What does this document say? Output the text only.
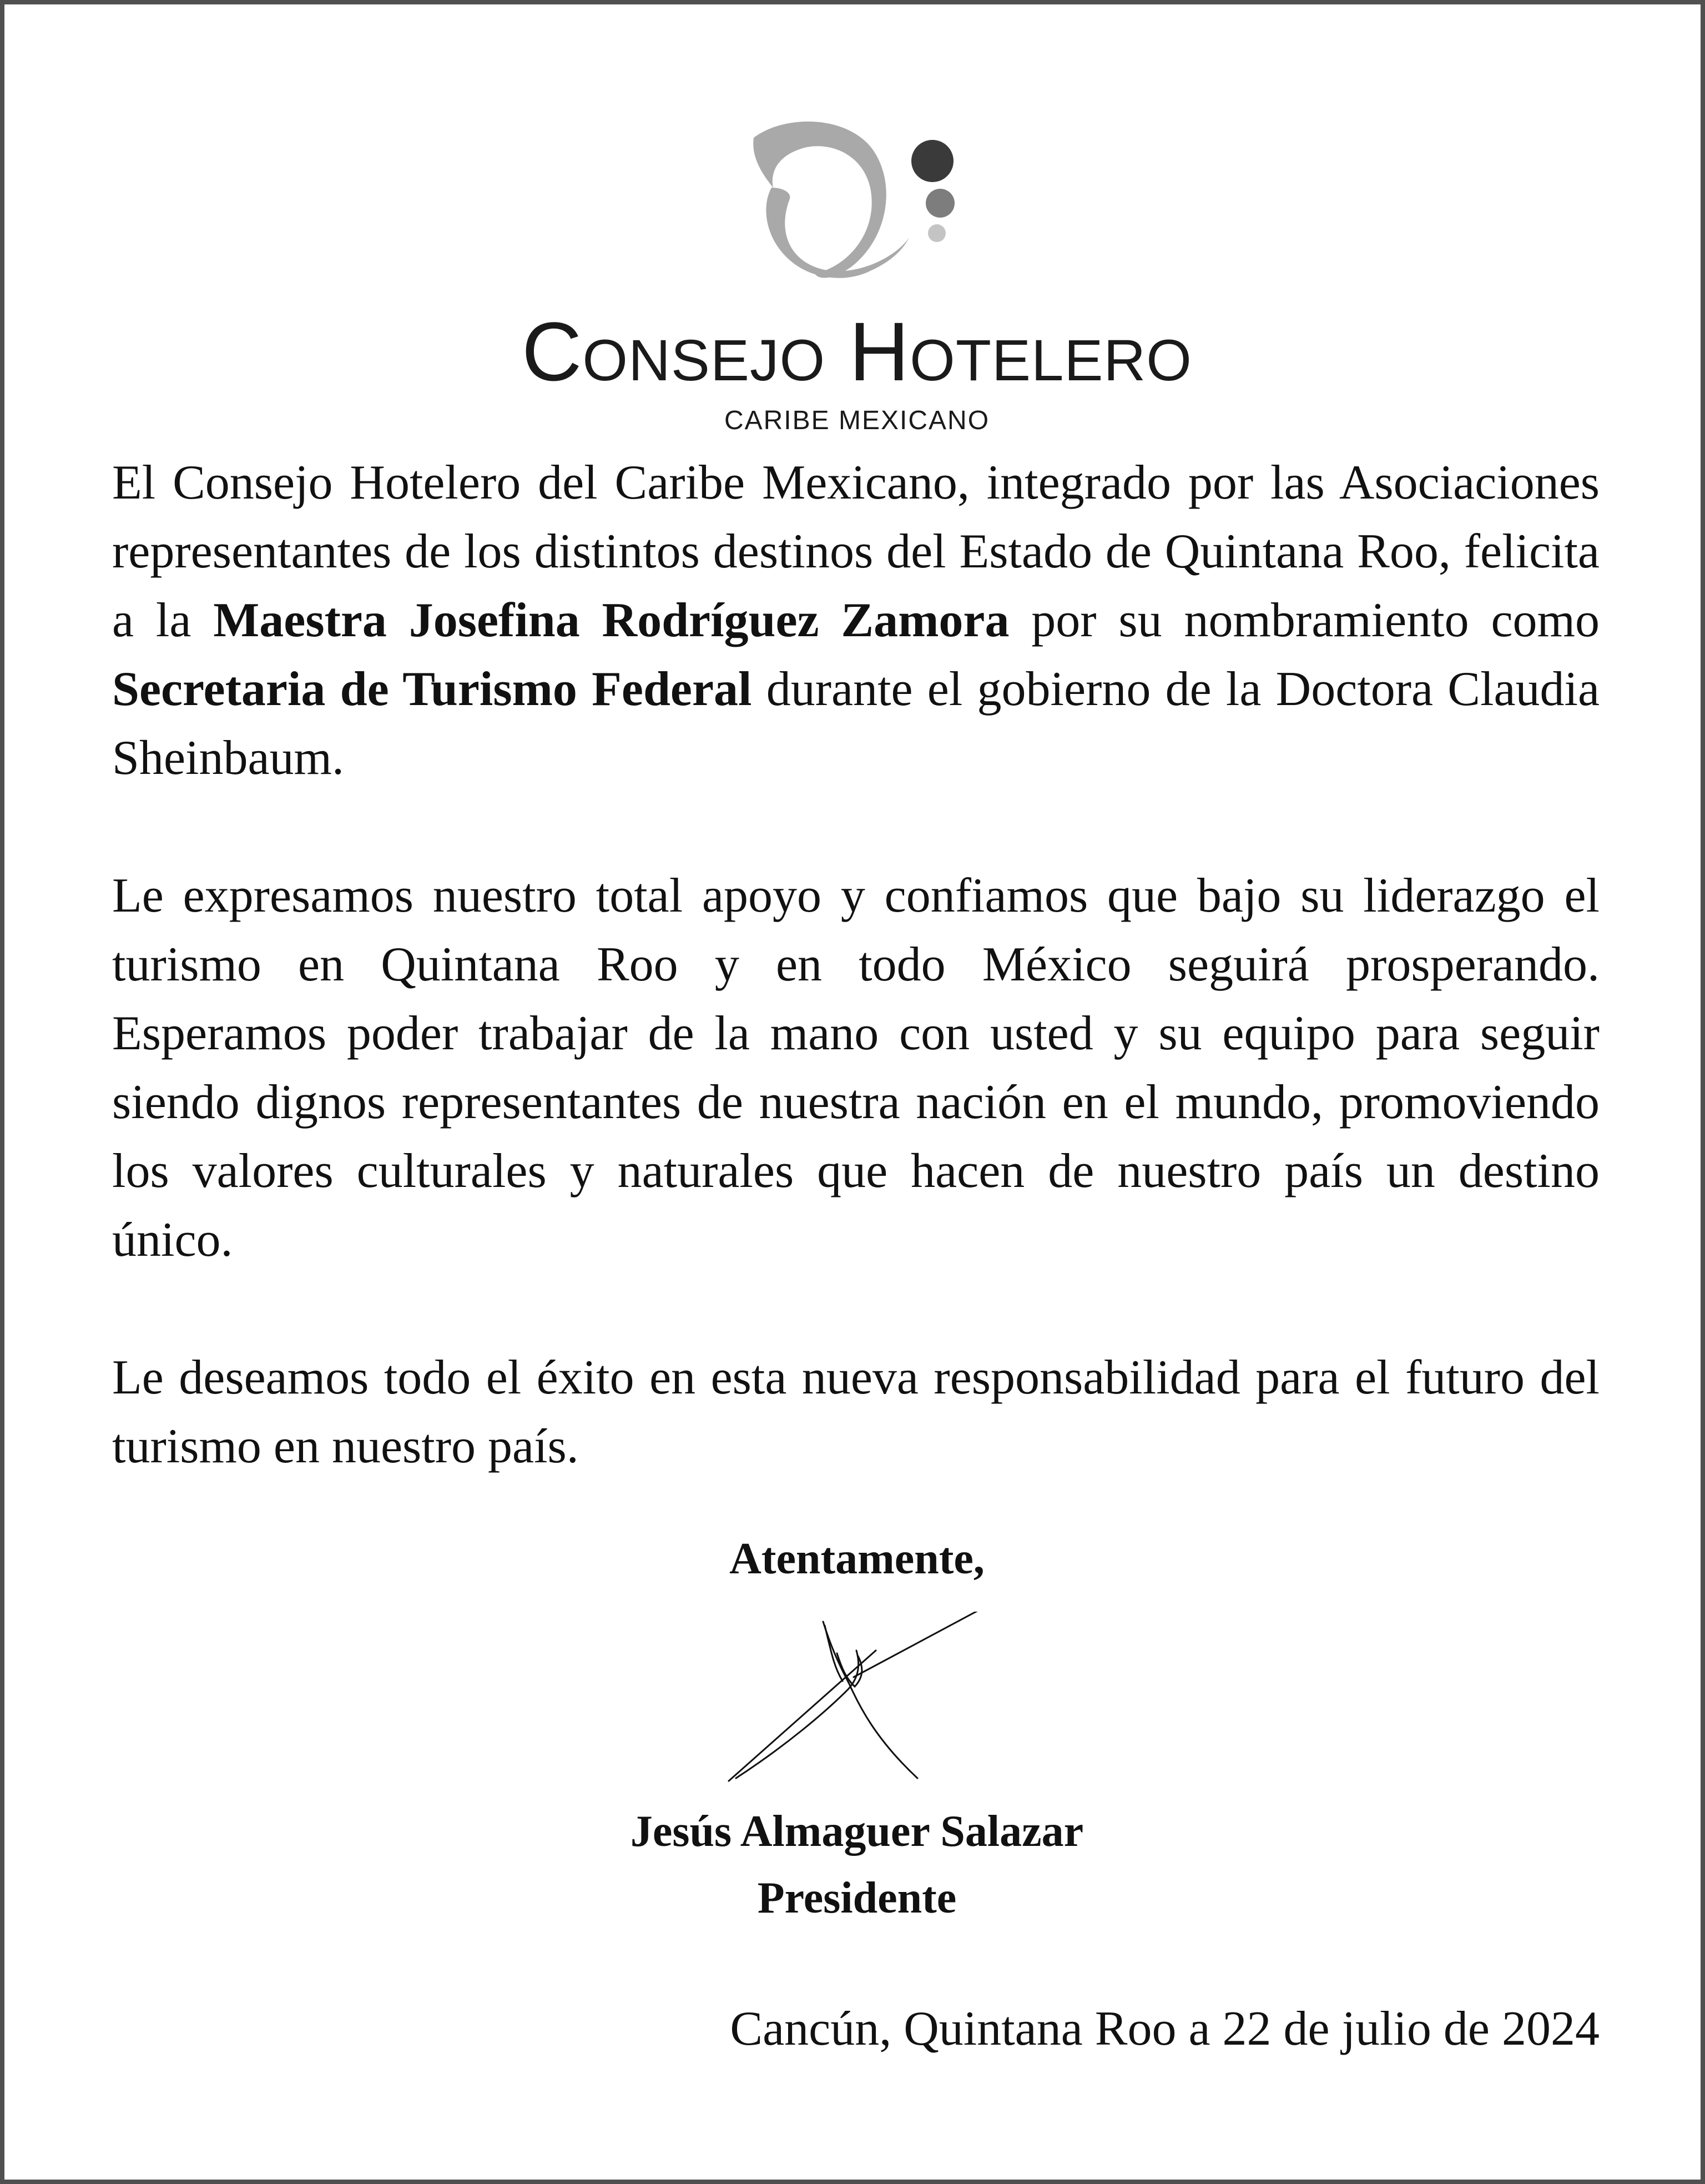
Consejo Hotelero
CARIBE MEXICANO

El Consejo Hotelero del Caribe Mexicano, integrado por las Asociaciones representantes de los distintos destinos del Estado de Quintana Roo, felicita a la Maestra Josefina Rodríguez Zamora por su nombramiento como Secretaria de Turismo Federal durante el gobierno de la Doctora Claudia Sheinbaum.

Le expresamos nuestro total apoyo y confiamos que bajo su liderazgo el turismo en Quintana Roo y en todo México seguirá prosperando. Esperamos poder trabajar de la mano con usted y su equipo para seguir siendo dignos representantes de nuestra nación en el mundo, promoviendo los valores culturales y naturales que hacen de nuestro país un destino único.

Le deseamos todo el éxito en esta nueva responsabilidad para el futuro del turismo en nuestro país.

Atentamente,
Jesús Almaguer Salazar
Presidente
Cancún, Quintana Roo a 22 de julio de 2024
